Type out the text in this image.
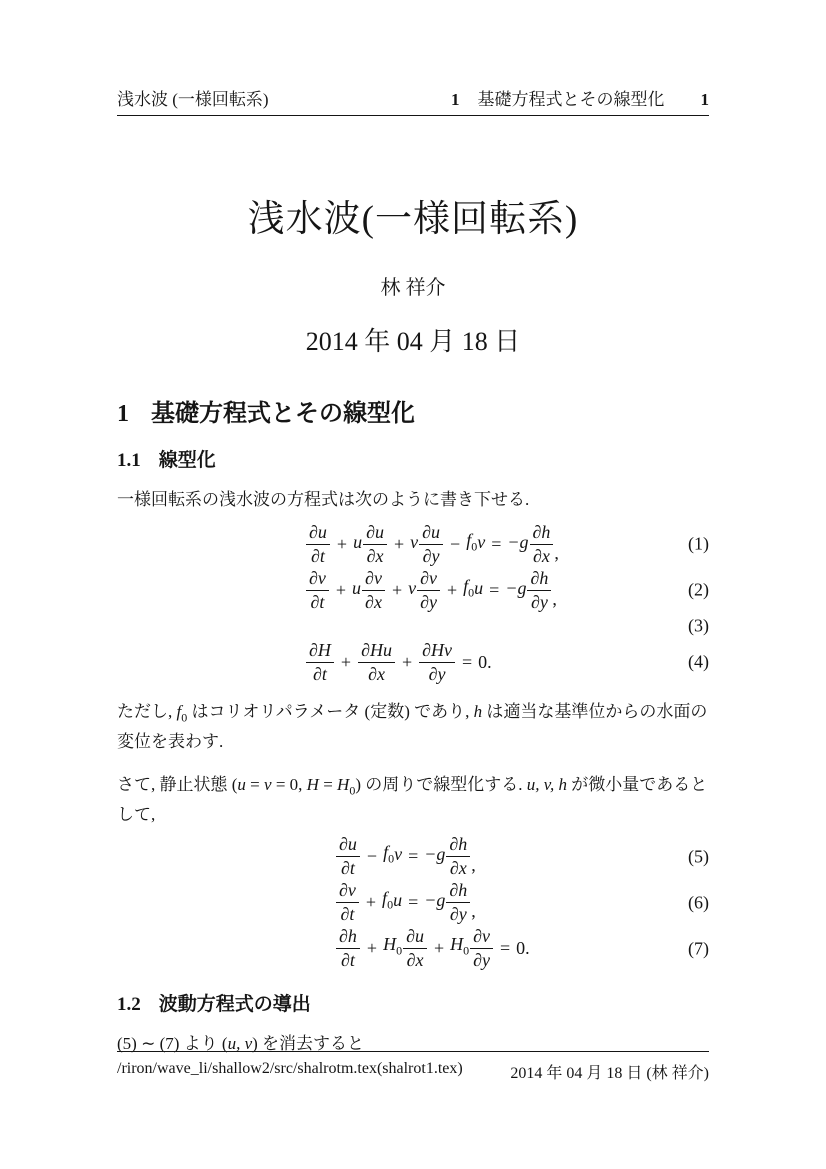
浅水波 (一様回転系)	1 基礎方程式とその線型化 1
浅水波(一様回転系)
林 祥介
2014 年 04 月 18 日
1 基礎方程式とその線型化
1.1 線型化

一様回転系の浅水波の方程式は次のように書き下せる.

$\frac{\partial u}{\partial t} + u \frac{\partial u}{\partial x} + v \frac{\partial u}{\partial y} - f_0$ $v = -g \frac{\partial h}{\partial x}$ ,	(1)
$\frac{\partial v}{\partial t} + u \frac{\partial v}{\partial x} + v \frac{\partial v}{\partial y} + f_0$ $u = -g \frac{\partial h}{\partial y}$ ,	(2)
(3)
$\frac{\partial H}{\partial t} + \frac{\partial Hu}{\partial x} + \frac{\partial Hv}{\partial y} = 0$.	(4)

ただし, $f_0$ はコリオリパラメータ (定数) であり, h は適当な基準位からの水面の変位を表わす.

さて, 静止状態 (u = v = 0, $H = H_0$) の周りで線型化する. u, v, h が微小量であるとして,

$\frac{\partial u}{\partial t} - f_0$ $v = -g \frac{\partial h}{\partial x}$ ,	(5)
$\frac{\partial v}{\partial t} + f_0$ $u = -g \frac{\partial h}{\partial y}$ ,	(6)
$\frac{\partial h}{\partial t} + H_0 \frac{\partial u}{\partial x} + H_0 \frac{\partial v}{\partial y} = 0$.	(7)
1.2 波動方程式の導出

(5) ∼ (7) より (u, v) を消去すると

/riron/wave_li/shallow2/src/shalrotm.tex(shalrot1.tex)	2014 年 04 月 18 日 (林 祥介)
